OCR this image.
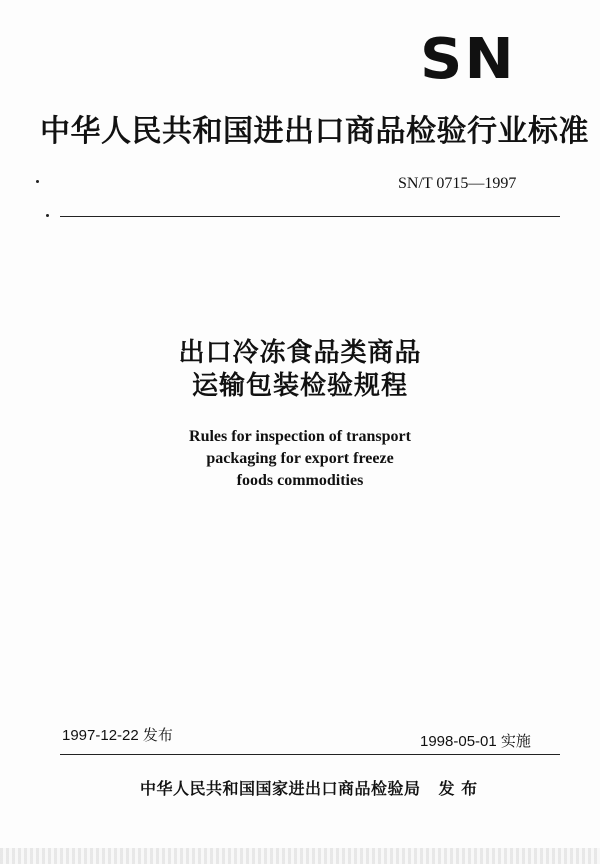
SN
中华人民共和国进出口商品检验行业标准
SN/T 0715—1997
出口冷冻食品类商品
运输包装检验规程
Rules for inspection of transport
packaging for export freeze
foods commodities
1997-12-22 发布	1998-05-01 实施
中华人民共和国国家进出口商品检验局 发 布
